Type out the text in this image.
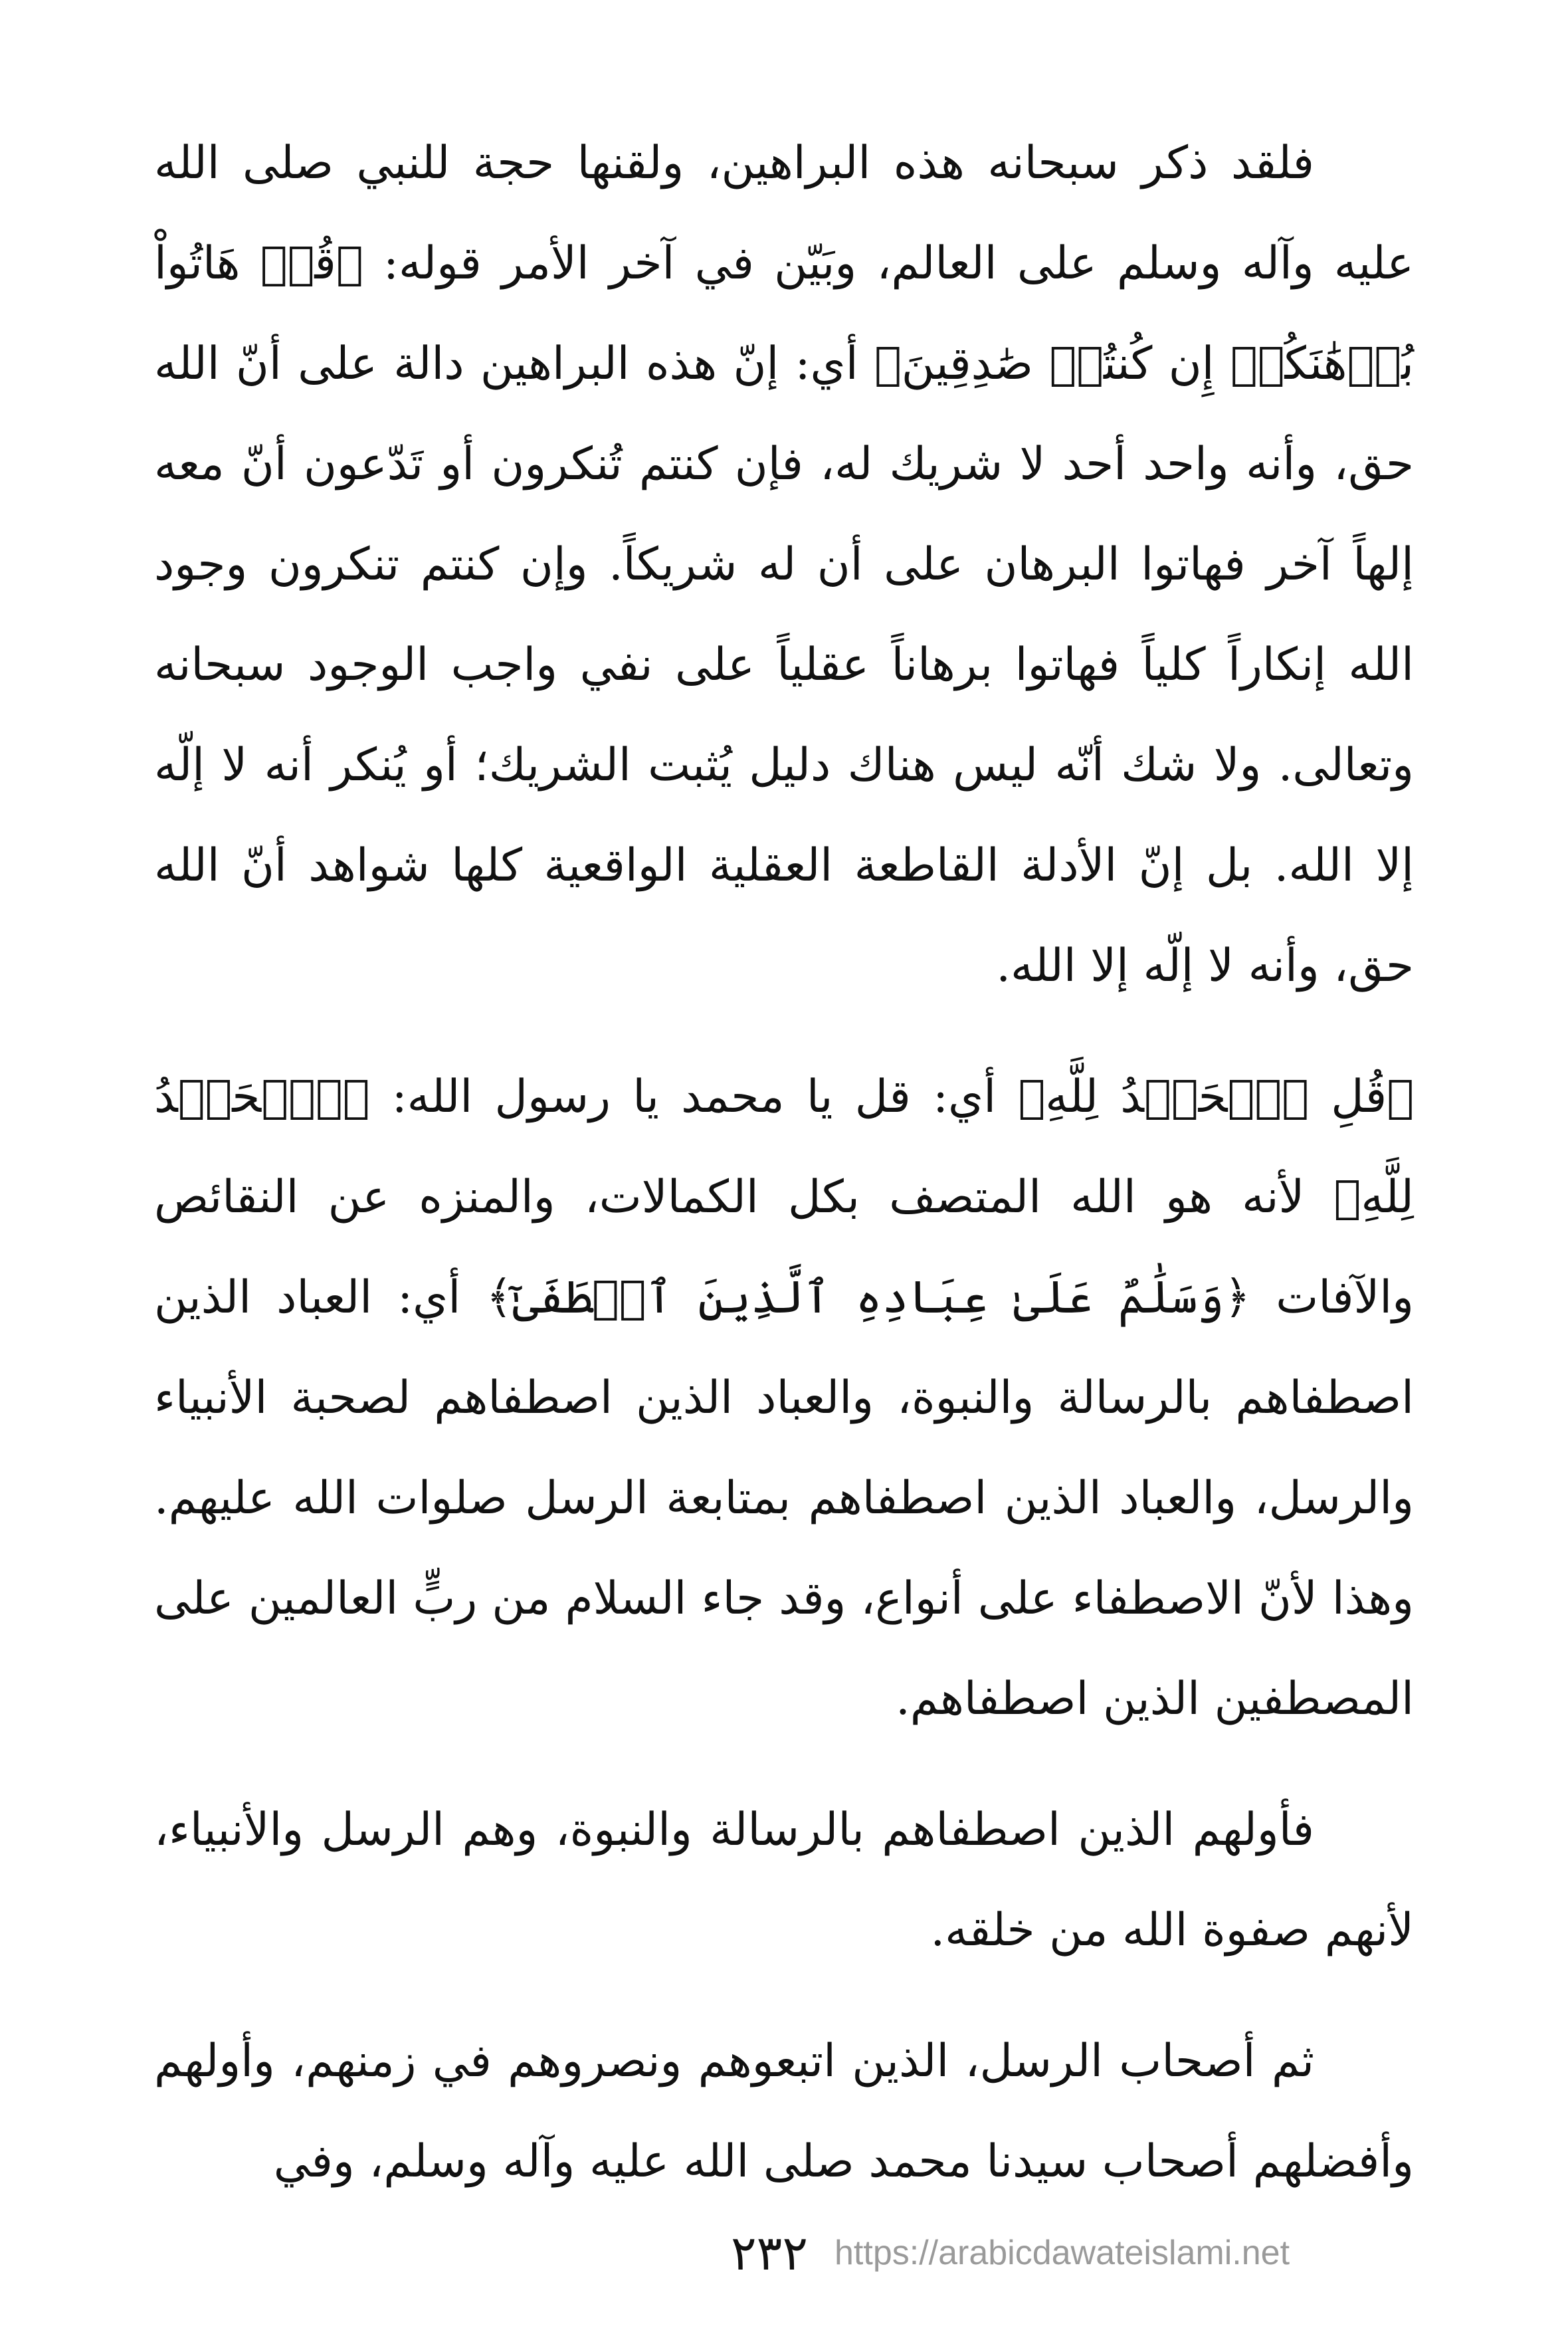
فلقد ذكر سبحانه هذه البراهين، ولقنها حجة للنبي صلى الله عليه وآله وسلم على العالم، وبَيّن في آخر الأمر قوله: ﴿قُلۡ هَاتُواْ بُرۡهَٰنَكُمۡ إِن كُنتُمۡ صَٰدِقِينَ﴾ أي: إنّ هذه البراهين دالة على أنّ الله حق، وأنه واحد أحد لا شريك له، فإن كنتم تُنكرون أو تَدّعون أنّ معه إلهاً آخر فهاتوا البرهان على أن له شريكاً. وإن كنتم تنكرون وجود الله إنكاراً كلياً فهاتوا برهاناً عقلياً على نفي واجب الوجود سبحانه وتعالى. ولا شك أنّه ليس هناك دليل يُثبت الشريك؛ أو يُنكر أنه لا إلّه إلا الله. بل إنّ الأدلة القاطعة العقلية الواقعية كلها شواهد أنّ الله حق، وأنه لا إلّه إلا الله.

﴿قُلِ ٱلۡحَمۡدُ لِلَّهِ﴾ أي: قل يا محمد يا رسول الله: ﴿ٱلۡحَمۡدُ لِلَّهِ﴾ لأنه هو الله المتصف بكل الكمالات، والمنزه عن النقائص والآفات ﴿وَسَلَٰمٌ عَلَىٰ عِبَادِهِ ٱلَّذِينَ ٱصۡطَفَىٰٓ﴾ أي: العباد الذين اصطفاهم بالرسالة والنبوة، والعباد الذين اصطفاهم لصحبة الأنبياء والرسل، والعباد الذين اصطفاهم بمتابعة الرسل صلوات الله عليهم. وهذا لأنّ الاصطفاء على أنواع، وقد جاء السلام من ربٍّ العالمين على المصطفين الذين اصطفاهم.

فأولهم الذين اصطفاهم بالرسالة والنبوة، وهم الرسل والأنبياء، لأنهم صفوة الله من خلقه.

ثم أصحاب الرسل، الذين اتبعوهم ونصروهم في زمنهم، وأولهم وأفضلهم أصحاب سيدنا محمد صلى الله عليه وآله وسلم، وفي

٢٣٢ https://arabicdawateislami.net
